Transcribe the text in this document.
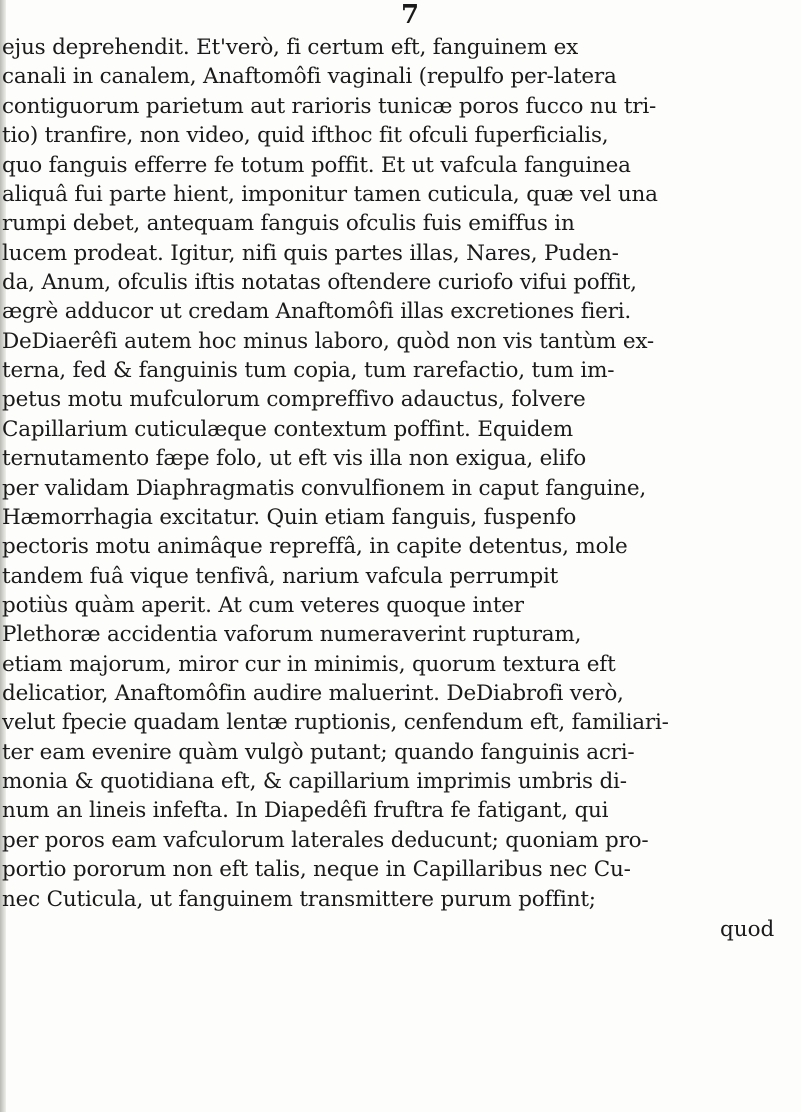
7
ejus deprehendit. Et'verò, fi certum eft, fanguinem ex
canali in canalem, Anaftomôfi vaginali (repulfo per-latera
contiguorum parietum aut rarioris tunicæ poros fucco nu tri-
tio) tranfire, non video, quid ifthoc fit ofculi fuperficialis,
quo fanguis efferre fe totum poffit. Et ut vafcula fanguinea
aliquâ fui parte hient, imponitur tamen cuticula, quæ vel una
rumpi debet, antequam fanguis ofculis fuis emiffus in
lucem prodeat. Igitur, nifi quis partes illas, Nares, Puden-
da, Anum, ofculis iftis notatas oftendere curiofo vifui poffit,
ægrè adducor ut credam Anaftomôfi illas excretiones fieri.
DeDiaerêfi autem hoc minus laboro, quòd non vis tantùm ex-
terna, fed & fanguinis tum copia, tum rarefactio, tum im-
petus motu mufculorum compreffivo adauctus, folvere
Capillarium cuticulæque contextum poffint. Equidem
ternutamento fæpe folo, ut eft vis illa non exigua, elifo
per validam Diaphragmatis convulfionem in caput fanguine,
Hæmorrhagia excitatur. Quin etiam fanguis, fuspenfo
pectoris motu animâque repreffâ, in capite detentus, mole
tandem fuâ vique tenfivâ, narium vafcula perrumpit
potiùs quàm aperit. At cum veteres quoque inter
Plethoræ accidentia vaforum numeraverint rupturam,
etiam majorum, miror cur in minimis, quorum textura eft
delicatior, Anaftomôfin audire maluerint. DeDiabrofi verò,
velut fpecie quadam lentæ ruptionis, cenfendum eft, familiari-
ter eam evenire quàm vulgò putant; quando fanguinis acri-
monia & quotidiana eft, & capillarium imprimis umbris di-
num an lineis infefta. In Diapedêfi fruftra fe fatigant, qui
per poros eam vafculorum laterales deducunt; quoniam pro-
portio pororum non eft talis, neque in Capillaribus nec Cu-
nec Cuticula, ut fanguinem transmittere purum poffint;
quod
